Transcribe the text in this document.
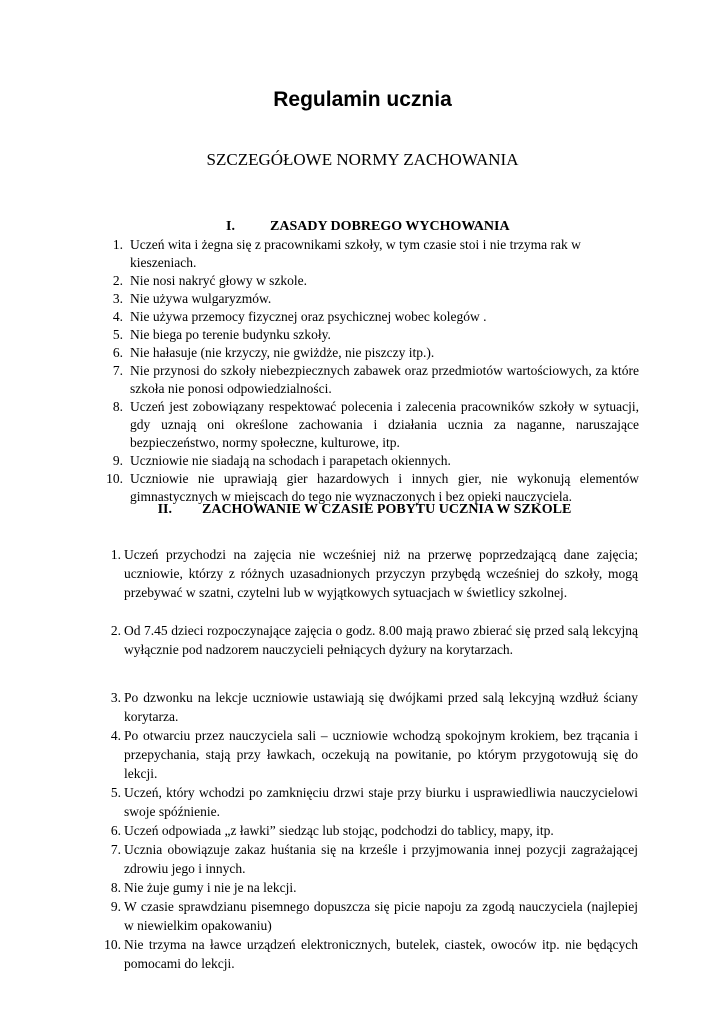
Regulamin ucznia
SZCZEGÓŁOWE NORMY ZACHOWANIA
I.	ZASADY DOBREGO WYCHOWANIA
1. Uczeń wita i żegna się z pracownikami szkoły, w tym czasie stoi i nie trzyma rak w kieszeniach.
2. Nie nosi nakryć głowy w szkole.
3. Nie używa wulgaryzmów.
4. Nie używa przemocy fizycznej oraz psychicznej wobec kolegów .
5. Nie biega po terenie budynku szkoły.
6. Nie hałasuje (nie krzyczy, nie gwiżdże, nie piszczy itp.).
7. Nie przynosi do szkoły niebezpiecznych zabawek oraz przedmiotów wartościowych, za które szkoła nie ponosi odpowiedzialności.
8. Uczeń jest zobowiązany respektować polecenia i zalecenia pracowników szkoły w sytuacji, gdy uznają oni określone zachowania i działania ucznia za naganne, naruszające bezpieczeństwo, normy społeczne, kulturowe, itp.
9. Uczniowie nie siadają na schodach i parapetach okiennych.
10. Uczniowie nie uprawiają gier hazardowych i innych gier, nie wykonują elementów gimnastycznych w miejscach do tego nie wyznaczonych i bez opieki nauczyciela.
II. ZACHOWANIE W CZASIE POBYTU UCZNIA W SZKOLE
1. Uczeń przychodzi na zajęcia nie wcześniej niż na przerwę poprzedzającą dane zajęcia; uczniowie, którzy z różnych uzasadnionych przyczyn przybędą wcześniej do szkoły, mogą przebywać w szatni, czytelni lub w wyjątkowych sytuacjach w świetlicy szkolnej.
2. Od 7.45 dzieci rozpoczynające zajęcia o godz. 8.00 mają prawo zbierać się przed salą lekcyjną wyłącznie pod nadzorem nauczycieli pełniących dyżury na korytarzach.
3. Po dzwonku na lekcje uczniowie ustawiają się dwójkami przed salą lekcyjną wzdłuż ściany korytarza.
4. Po otwarciu przez nauczyciela sali – uczniowie wchodzą spokojnym krokiem, bez trącania i przepychania, stają przy ławkach, oczekują na powitanie, po którym przygotowują się do lekcji.
5. Uczeń, który wchodzi po zamknięciu drzwi staje przy biurku i usprawiedliwia nauczycielowi swoje spóźnienie.
6. Uczeń odpowiada „z ławki” siedząc lub stojąc, podchodzi do tablicy, mapy, itp.
7. Ucznia obowiązuje zakaz huśtania się na krześle i przyjmowania innej pozycji zagrażającej zdrowiu jego i innych.
8. Nie żuje gumy i nie je na lekcji.
9. W czasie sprawdzianu pisemnego dopuszcza się picie napoju za zgodą nauczyciela (najlepiej w niewielkim opakowaniu)
10. Nie trzyma na ławce urządzeń elektronicznych, butelek, ciastek, owoców itp. nie będących pomocami do lekcji.
